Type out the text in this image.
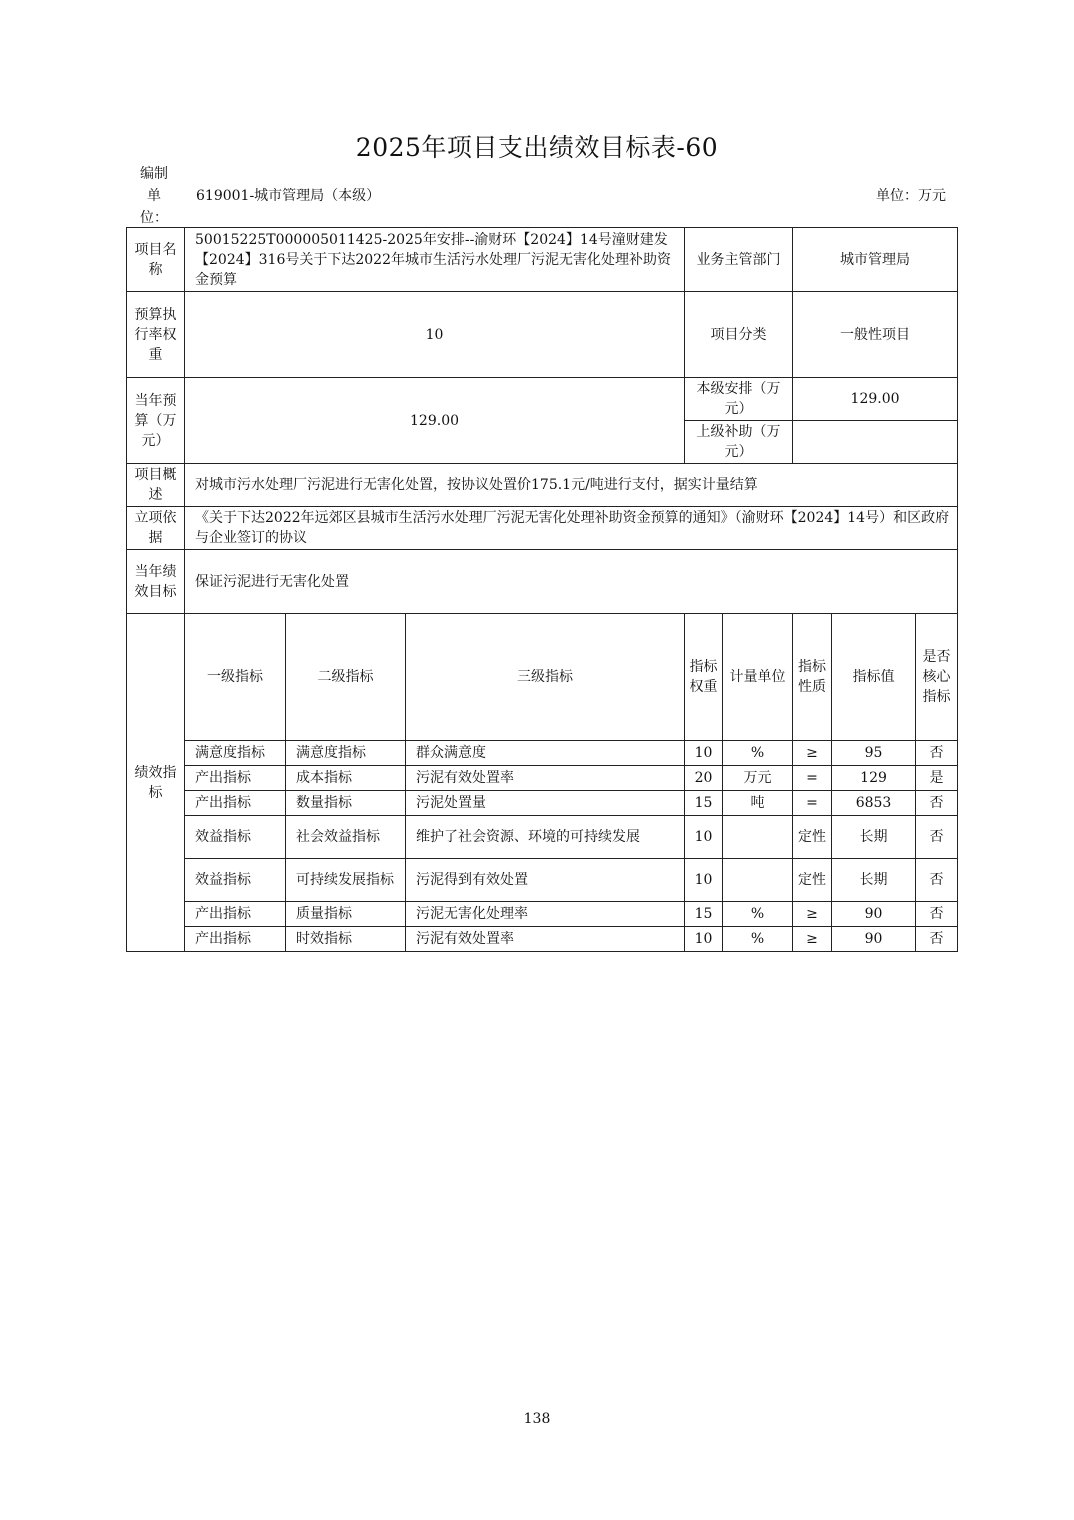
2025年项目支出绩效目标表-60
编制单位：
619001-城市管理局（本级）	单位：万元
项目名称	50015225T000005011425-2025年安排--渝财环【2024】14号潼财建发【2024】316号关于下达2022年城市生活污水处理厂污泥无害化处理补助资金预算			业务主管部门		城市管理局		
预算执行率权重	10			项目分类		一般性项目		
当年预算（万元）	129.00			本级安排（万元）		129.00		
				上级补助（万元）				
项目概述	对城市污水处理厂污泥进行无害化处置，按协议处置价175.1元/吨进行支付，据实计量结算							
立项依据	《关于下达2022年远郊区县城市生活污水处理厂污泥无害化处理补助资金预算的通知》（渝财环【2024】14号）和区政府与企业签订的协议							
当年绩效目标	保证污泥进行无害化处置							
绩效指标	一级指标	二级指标	三级指标	指标权重	计量单位	指标性质	指标值	是否核心指标
	满意度指标	满意度指标	群众满意度	10	%	≥	95	否
	产出指标	成本指标	污泥有效处置率	20	万元	=	129	是
	产出指标	数量指标	污泥处置量	15	吨	=	6853	否
	效益指标	社会效益指标	维护了社会资源、环境的可持续发展	10		定性	长期	否
	效益指标	可持续发展指标	污泥得到有效处置	10		定性	长期	否
	产出指标	质量指标	污泥无害化处理率	15	%	≥	90	否
	产出指标	时效指标	污泥有效处置率	10	%	≥	90	否
138
